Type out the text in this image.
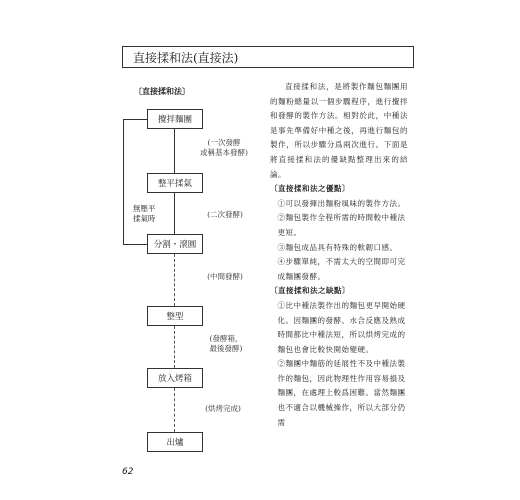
直接揉和法(直接法)
〔直接揉和法〕
無壓平
揉氣時
攪拌麵團
整平揉氣
分割・滾圓
整型
放入烤箱
出爐
(一次發酵
或稱基本發酵)
(二次發酵)
(中間發酵)
(發酵箱，
最後發酵)
(烘烤完成)

直接揉和法，是將製作麵包麵團用的麵粉總量以一個步驟程序，進行攪拌和發酵的製作方法。相對於此，中種法是事先準備好中種之後，再進行麵包的製作，所以步驟分爲兩次進行。下面是將直接揉和法的優缺點整理出來的結論。

〔直接揉和法之優點〕

①可以發揮出麵粉風味的製作方法。

②麵包製作全程所需的時間較中種法更短。

③麵包成品具有特殊的軟韌口感。

④步驟單純，不需太大的空間即可完成麵團發酵。

〔直接揉和法之缺點〕

①比中種法製作出的麵包更早開始硬化。因麵團的發酵、水合反應及熟成時間都比中種法短，所以烘烤完成的麵包也會比較快開始變硬。

②麵團中麵筋的延展性不及中種法製作的麵包，因此物理性作用容易損及麵團，在處理上較爲困難。當然麵團也不適合以機械操作，所以大部分仍需

62
